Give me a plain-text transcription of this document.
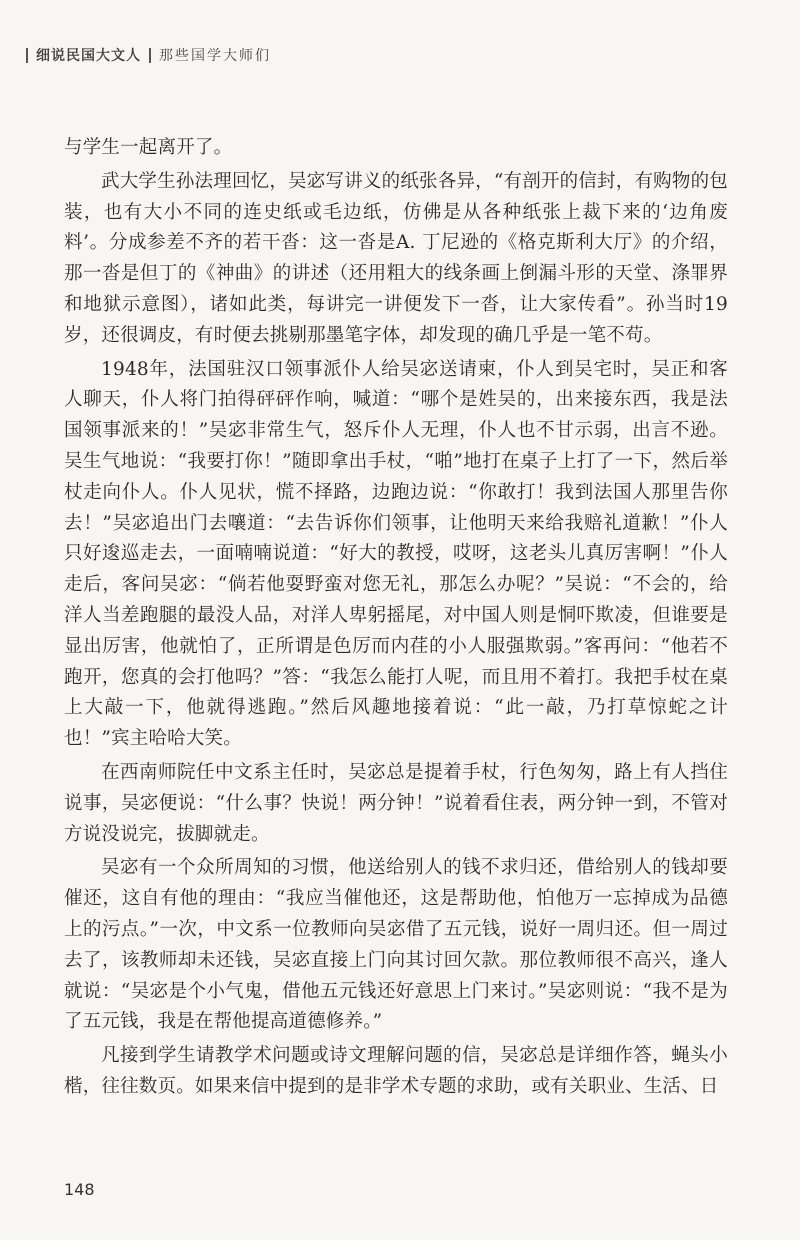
细说民国大文人 那些国学大师们

与学生一起离开了。

武大学生孙法理回忆，吴宓写讲义的纸张各异，“有剖开的信封，有购物的包装，也有大小不同的连史纸或毛边纸，仿佛是从各种纸张上裁下来的‘边角废料’。分成参差不齐的若干沓：这一沓是A. 丁尼逊的《格克斯利大厅》的介绍，那一沓是但丁的《神曲》的讲述（还用粗大的线条画上倒漏斗形的天堂、涤罪界和地狱示意图），诸如此类，每讲完一讲便发下一沓，让大家传看”。孙当时19岁，还很调皮，有时便去挑剔那墨笔字体，却发现的确几乎是一笔不苟。

1948年，法国驻汉口领事派仆人给吴宓送请柬，仆人到吴宅时，吴正和客人聊天，仆人将门拍得砰砰作响，喊道：“哪个是姓吴的，出来接东西，我是法国领事派来的！”吴宓非常生气，怒斥仆人无理，仆人也不甘示弱，出言不逊。吴生气地说：“我要打你！”随即拿出手杖，“啪”地打在桌子上打了一下，然后举杖走向仆人。仆人见状，慌不择路，边跑边说：“你敢打！我到法国人那里告你去！”吴宓追出门去嚷道：“去告诉你们领事，让他明天来给我赔礼道歉！”仆人只好逡巡走去，一面喃喃说道：“好大的教授，哎呀，这老头儿真厉害啊！”仆人走后，客问吴宓：“倘若他耍野蛮对您无礼，那怎么办呢？”吴说：“不会的，给洋人当差跑腿的最没人品，对洋人卑躬摇尾，对中国人则是恫吓欺凌，但谁要是显出厉害，他就怕了，正所谓是色厉而内荏的小人服强欺弱。”客再问：“他若不跑开，您真的会打他吗？”答：“我怎么能打人呢，而且用不着打。我把手杖在桌上大敲一下，他就得逃跑。”然后风趣地接着说：“此一敲，乃打草惊蛇之计也！”宾主哈哈大笑。

在西南师院任中文系主任时，吴宓总是提着手杖，行色匆匆，路上有人挡住说事，吴宓便说：“什么事？快说！两分钟！”说着看住表，两分钟一到，不管对方说没说完，拔脚就走。

吴宓有一个众所周知的习惯，他送给别人的钱不求归还，借给别人的钱却要催还，这自有他的理由：“我应当催他还，这是帮助他，怕他万一忘掉成为品德上的污点。”一次，中文系一位教师向吴宓借了五元钱，说好一周归还。但一周过去了，该教师却未还钱，吴宓直接上门向其讨回欠款。那位教师很不高兴，逢人就说：“吴宓是个小气鬼，借他五元钱还好意思上门来讨。”吴宓则说：“我不是为了五元钱，我是在帮他提高道德修养。”

凡接到学生请教学术问题或诗文理解问题的信，吴宓总是详细作答，蝇头小楷，往往数页。如果来信中提到的是非学术专题的求助，或有关职业、生活、日

148
